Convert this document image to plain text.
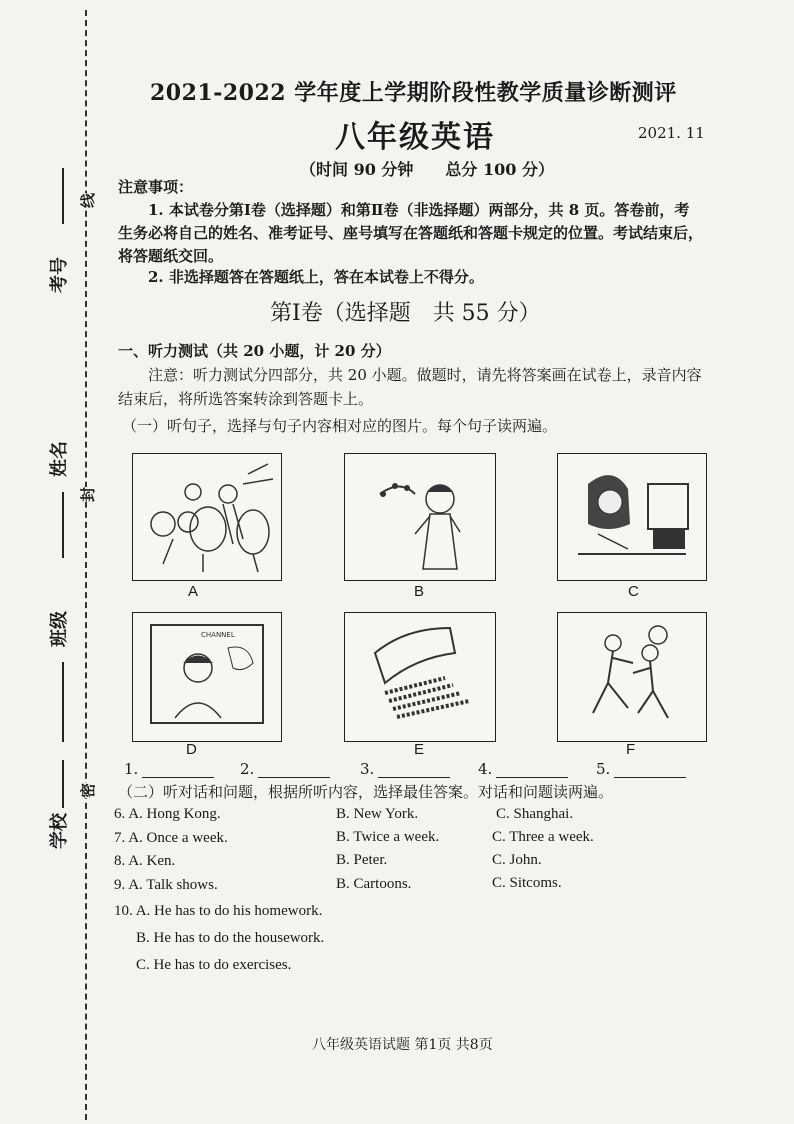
考号
姓名
班级
学校
线
封
密
2021-2022 学年度上学期阶段性教学质量诊断测评
八年级英语	2021. 11
（时间 90 分钟　　总分 100 分）
注意事项：
1. 本试卷分第Ⅰ卷（选择题）和第Ⅱ卷（非选择题）两部分，共 8 页。答卷前，考
生务必将自己的姓名、准考证号、座号填写在答题纸和答题卡规定的位置。考试结束后，
将答题纸交回。
2. 非选择题答在答题纸上，答在本试卷上不得分。
第Ⅰ卷（选择题　共 55 分）
一、听力测试（共 20 小题，计 20 分）
注意：听力测试分四部分，共 20 小题。做题时，请先将答案画在试卷上，录音内容
结束后，将所选答案转涂到答题卡上。
（一）听句子，选择与句子内容相对应的图片。每个句子读两遍。
A	B	C
CHANNEL
D	E	F
1.	2.	3.	4.	5.
（二）听对话和问题，根据所听内容，选择最佳答案。对话和问题读两遍。
6. A. Hong Kong.	B. New York.	C. Shanghai.
7. A. Once a week.	B. Twice a week.	C. Three a week.
8. A. Ken.	B. Peter.	C. John.
9. A. Talk shows.	B. Cartoons.	C. Sitcoms.
10. A. He has to do his homework.
B. He has to do the housework.
C. He has to do exercises.
八年级英语试题 第1页 共8页
